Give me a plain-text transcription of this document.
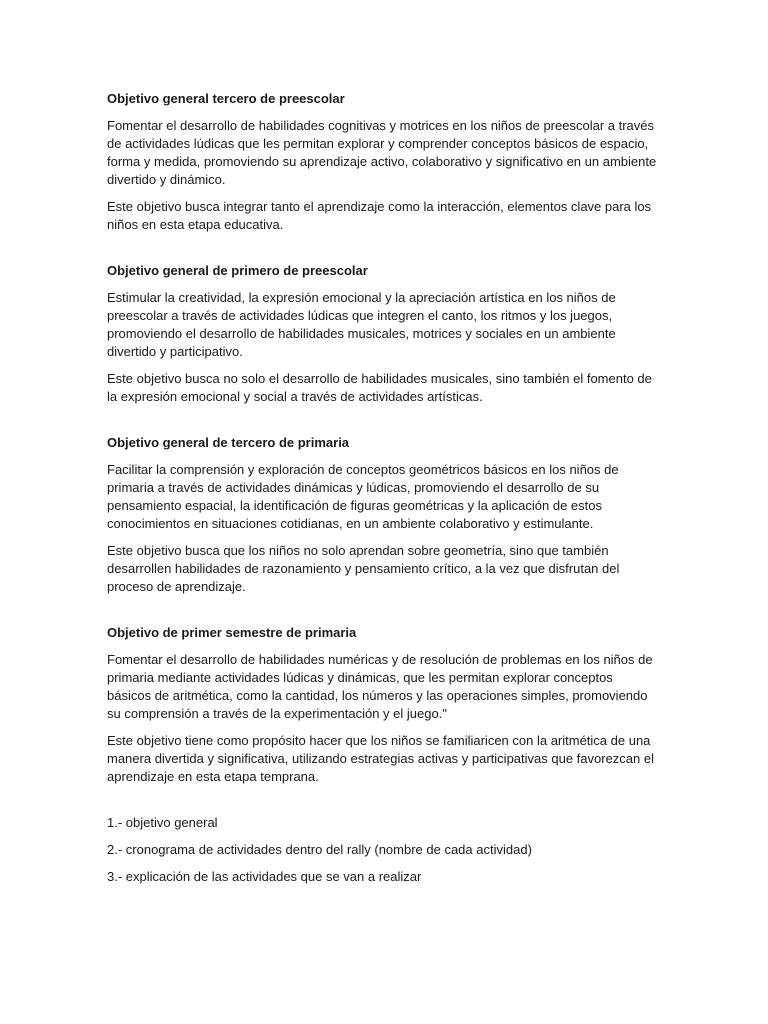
Objetivo general tercero de preescolar

Fomentar el desarrollo de habilidades cognitivas y motrices en los niños de preescolar a través de actividades lúdicas que les permitan explorar y comprender conceptos básicos de espacio, forma y medida, promoviendo su aprendizaje activo, colaborativo y significativo en un ambiente divertido y dinámico.

Este objetivo busca integrar tanto el aprendizaje como la interacción, elementos clave para los niños en esta etapa educativa.

Objetivo general de primero de preescolar

Estimular la creatividad, la expresión emocional y la apreciación artística en los niños de preescolar a través de actividades lúdicas que integren el canto, los ritmos y los juegos, promoviendo el desarrollo de habilidades musicales, motrices y sociales en un ambiente divertido y participativo.

Este objetivo busca no solo el desarrollo de habilidades musicales, sino también el fomento de la expresión emocional y social a través de actividades artísticas.

Objetivo general de tercero de primaria

Facilitar la comprensión y exploración de conceptos geométricos básicos en los niños de primaria a través de actividades dinámicas y lúdicas, promoviendo el desarrollo de su pensamiento espacial, la identificación de figuras geométricas y la aplicación de estos conocimientos en situaciones cotidianas, en un ambiente colaborativo y estimulante.

Este objetivo busca que los niños no solo aprendan sobre geometría, sino que también desarrollen habilidades de razonamiento y pensamiento crítico, a la vez que disfrutan del proceso de aprendizaje.

Objetivo de primer semestre de primaria

Fomentar el desarrollo de habilidades numéricas y de resolución de problemas en los niños de primaria mediante actividades lúdicas y dinámicas, que les permitan explorar conceptos básicos de aritmética, como la cantidad, los números y las operaciones simples, promoviendo su comprensión a través de la experimentación y el juego."

Este objetivo tiene como propósito hacer que los niños se familiaricen con la aritmética de una manera divertida y significativa, utilizando estrategias activas y participativas que favorezcan el aprendizaje en esta etapa temprana.

1.- objetivo general

2.- cronograma de actividades dentro del rally (nombre de cada actividad)

3.- explicación de las actividades que se van a realizar
